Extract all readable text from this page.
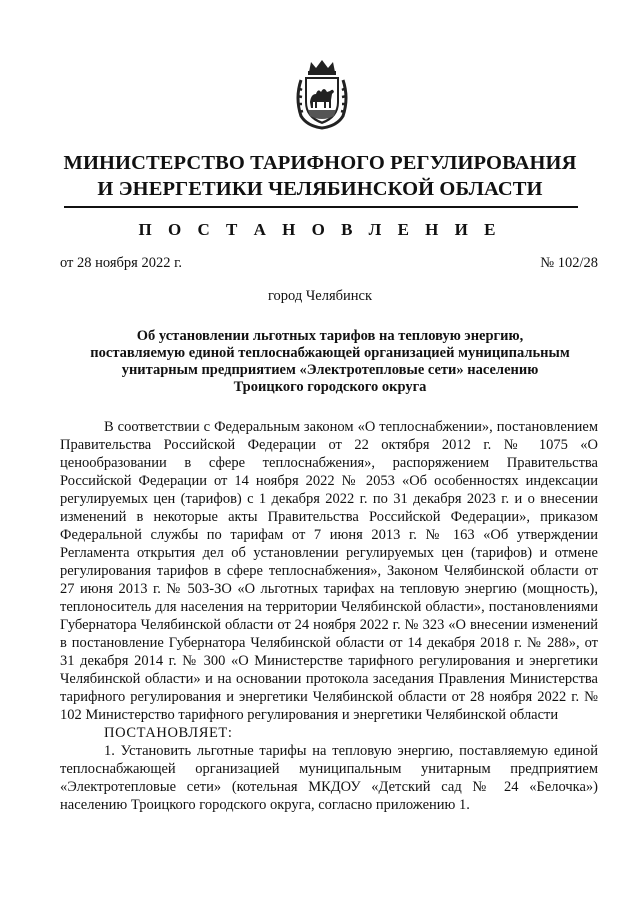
МИНИСТЕРСТВО ТАРИФНОГО РЕГУЛИРОВАНИЯ
И ЭНЕРГЕТИКИ ЧЕЛЯБИНСКОЙ ОБЛАСТИ
П О С Т А Н О В Л Е Н И Е
от 28 ноября 2022 г.	№ 102/28
город Челябинск
Об установлении льготных тарифов на тепловую энергию,
поставляемую единой теплоснабжающей организацией муниципальным
унитарным предприятием «Электротепловые сети» населению
Троицкого городского округа

В соответствии с Федеральным законом «О теплоснабжении», постановлением Правительства Российской Федерации от 22 октября 2012 г. № 1075 «О ценообразовании в сфере теплоснабжения», распоряжением Правительства Российской Федерации от 14 ноября 2022 № 2053 «Об особенностях индексации регулируемых цен (тарифов) с 1 декабря 2022 г. по 31 декабря 2023 г. и о внесении изменений в некоторые акты Правительства Российской Федерации», приказом Федеральной службы по тарифам от 7 июня 2013 г. № 163 «Об утверждении Регламента открытия дел об установлении регулируемых цен (тарифов) и отмене регулирования тарифов в сфере теплоснабжения», Законом Челябинской области от 27 июня 2013 г. № 503-ЗО «О льготных тарифах на тепловую энергию (мощность), теплоноситель для населения на территории Челябинской области», постановлениями Губернатора Челябинской области от 24 ноября 2022 г. № 323 «О внесении изменений в постановление Губернатора Челябинской области от 14 декабря 2018 г. № 288», от 31 декабря 2014 г. № 300 «О Министерстве тарифного регулирования и энергетики Челябинской области» и на основании протокола заседания Правления Министерства тарифного регулирования и энергетики Челябинской области от 28 ноября 2022 г. № 102 Министерство тарифного регулирования и энергетики Челябинской области

ПОСТАНОВЛЯЕТ:

1. Установить льготные тарифы на тепловую энергию, поставляемую единой теплоснабжающей организацией муниципальным унитарным предприятием «Электротепловые сети» (котельная МКДОУ «Детский сад № 24 «Белочка») населению Троицкого городского округа, согласно приложению 1.
